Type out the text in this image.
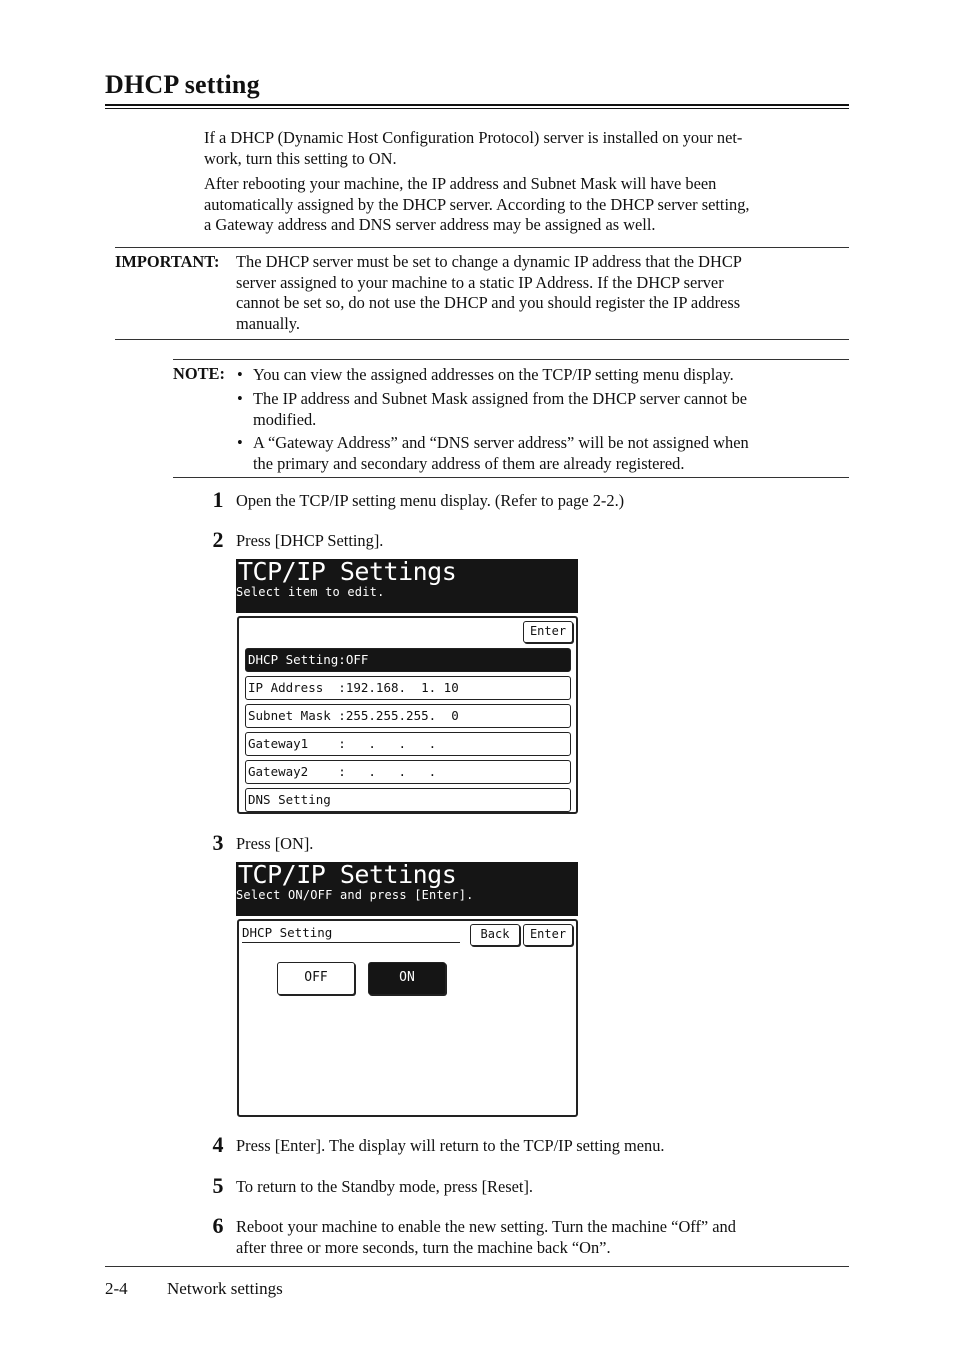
DHCP setting
If a DHCP (Dynamic Host Configuration Protocol) server is installed on your net-
work, turn this setting to ON.
After rebooting your machine, the IP address and Subnet Mask will have been
automatically assigned by the DHCP server. According to the DHCP server setting,
a Gateway address and DNS server address may be assigned as well.
IMPORTANT: The DHCP server must be set to change a dynamic IP address that the DHCP
server assigned to your machine to a static IP Address. If the DHCP server
cannot be set so, do not use the DHCP and you should register the IP address
manually.
NOTE: • You can view the assigned addresses on the TCP/IP setting menu display.
• The IP address and Subnet Mask assigned from the DHCP server cannot be
modified.
• A “Gateway Address” and “DNS server address” will be not assigned when
the primary and secondary address of them are already registered.
1 Open the TCP/IP setting menu display. (Refer to page 2-2.)
2 Press [DHCP Setting].
TCP/IP Settings
Select item to edit.
Enter
DHCP Setting:OFF
IP Address  :192.168.  1. 10
Subnet Mask :255.255.255.  0
Gateway1    :   .   .   .
Gateway2    :   .   .   .
DNS Setting
3 Press [ON].
TCP/IP Settings
Select ON/OFF and press [Enter].
DHCP Setting	Back	Enter
OFF	ON
4 Press [Enter]. The display will return to the TCP/IP setting menu.
5 To return to the Standby mode, press [Reset].
6 Reboot your machine to enable the new setting. Turn the machine “Off” and
after three or more seconds, turn the machine back “On”.
2-4 Network settings
